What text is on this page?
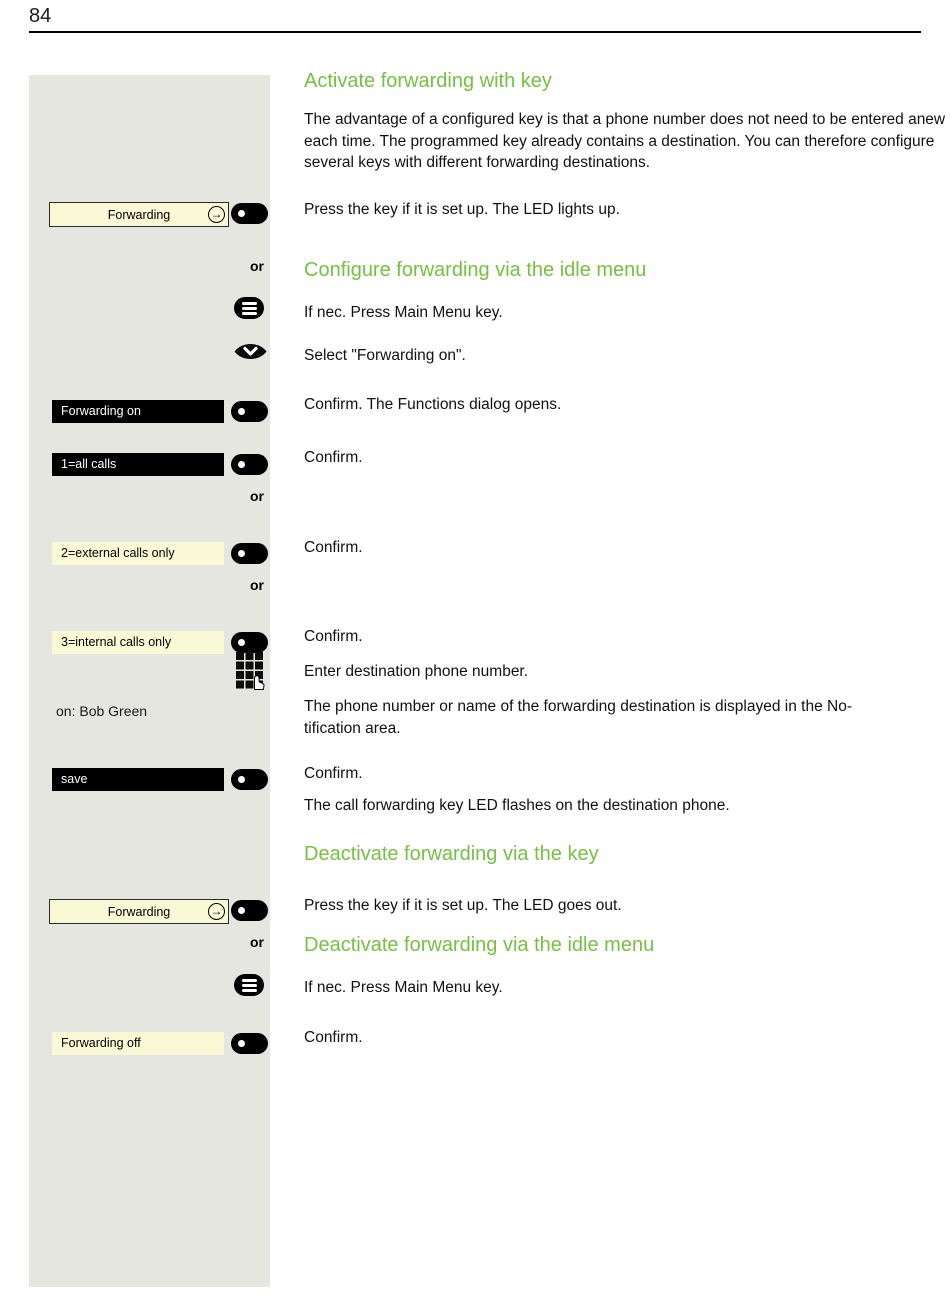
84
Forwarding	→
or
Forwarding on
1=all calls
or
2=external calls only
or
3=internal calls only
on: Bob Green
save
Forwarding	→
or
Forwarding off
Activate forwarding with key
The advantage of a configured key is that a phone number does not need to be entered anew each time. The programmed key already contains a destination. You can therefore configure several keys with different forwarding destinations.
Press the key if it is set up. The LED lights up.
Configure forwarding via the idle menu
If nec. Press Main Menu key.
Select "Forwarding on".
Confirm. The Functions dialog opens.
Confirm.
Confirm.
Confirm.
Enter destination phone number.
The phone number or name of the forwarding destination is displayed in the No-
tification area.
Confirm.
The call forwarding key LED flashes on the destination phone.
Deactivate forwarding via the key
Press the key if it is set up. The LED goes out.
Deactivate forwarding via the idle menu
If nec. Press Main Menu key.
Confirm.
